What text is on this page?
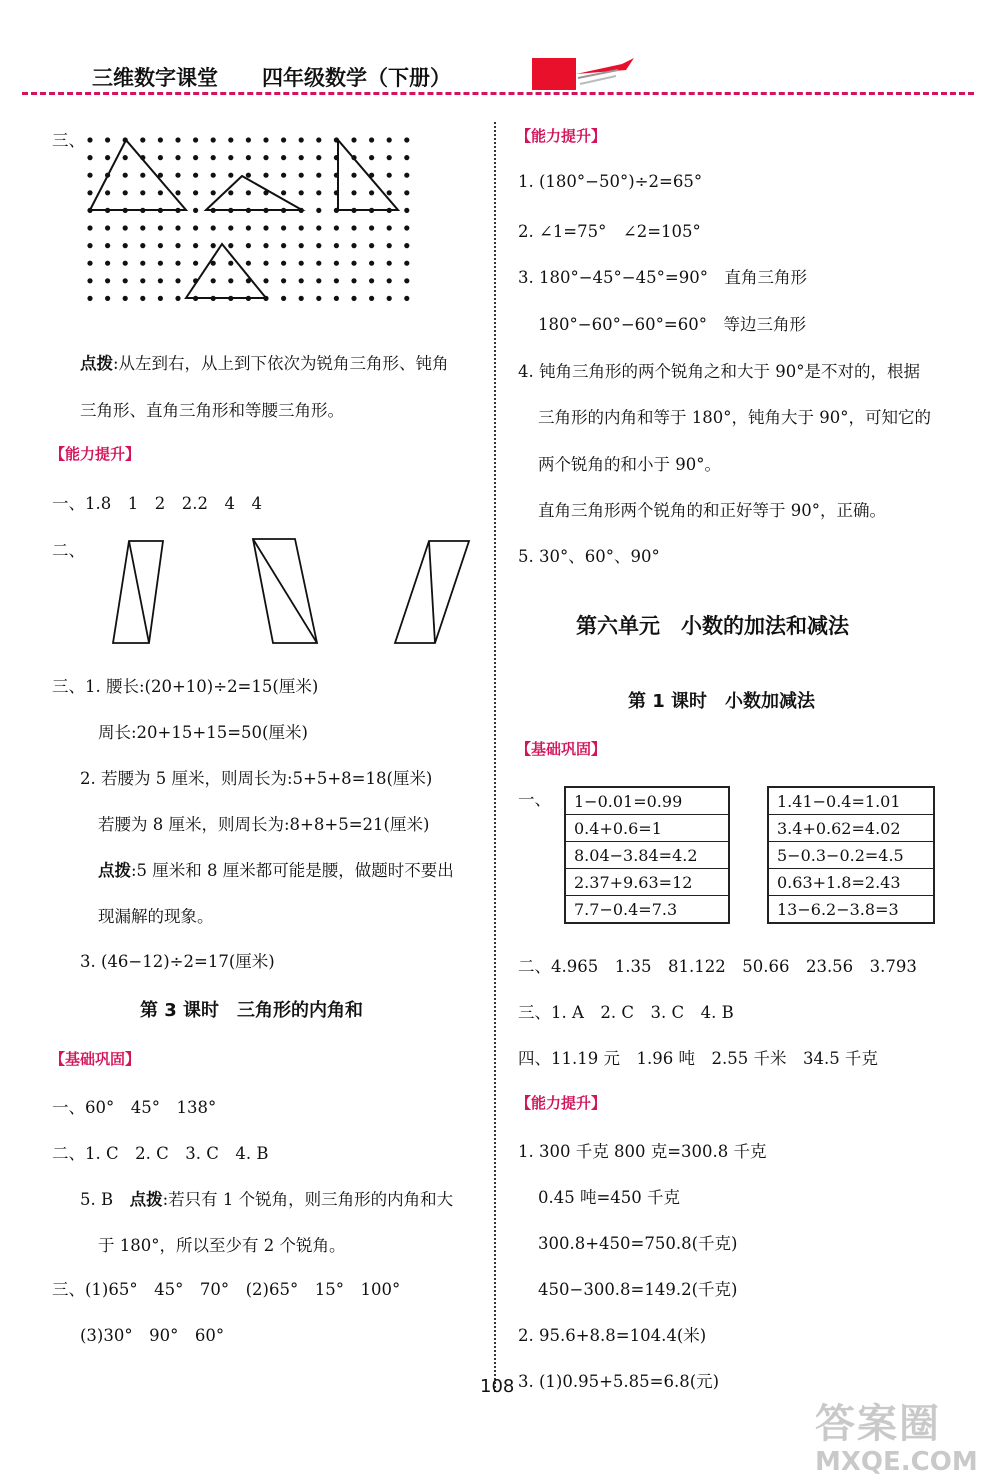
三维数字课堂 四年级数学（下册）
三、
点拨:从左到右，从上到下依次为锐角三角形、钝角
三角形、直角三角形和等腰三角形。
【能力提升】
一、1.8　1　2　2.2　4　4
二、
三、1. 腰长:(20+10)÷2=15(厘米)
周长:20+15+15=50(厘米)
2. 若腰为 5 厘米，则周长为:5+5+8=18(厘米)
若腰为 8 厘米，则周长为:8+8+5=21(厘米)
点拨:5 厘米和 8 厘米都可能是腰，做题时不要出
现漏解的现象。
3. (46−12)÷2=17(厘米)
第 3 课时　三角形的内角和
【基础巩固】
一、60°　45°　138°
二、1. C　2. C　3. C　4. B
5. B　点拨:若只有 1 个锐角，则三角形的内角和大
于 180°，所以至少有 2 个锐角。
三、(1)65°　45°　70°　(2)65°　15°　100°
(3)30°　90°　60°
【能力提升】
1. (180°−50°)÷2=65°
2. ∠1=75°　∠2=105°
3. 180°−45°−45°=90°　直角三角形
180°−60°−60°=60°　等边三角形
4. 钝角三角形的两个锐角之和大于 90°是不对的，根据
三角形的内角和等于 180°，钝角大于 90°，可知它的
两个锐角的和小于 90°。
直角三角形两个锐角的和正好等于 90°，正确。
5. 30°、60°、90°
第六单元　小数的加法和减法
第 1 课时　小数加减法
【基础巩固】
一、 1−0.01=0.99
0.4+0.6=1
8.04−3.84=4.2
2.37+9.63=12
7.7−0.4=7.3
1.41−0.4=1.01
3.4+0.62=4.02
5−0.3−0.2=4.5
0.63+1.8=2.43
13−6.2−3.8=3
二、4.965　1.35　81.122　50.66　23.56　3.793
三、1. A　2. C　3. C　4. B
四、11.19 元　1.96 吨　2.55 千米　34.5 千克
【能力提升】
1. 300 千克 800 克=300.8 千克
0.45 吨=450 千克
300.8+450=750.8(千克)
450−300.8=149.2(千克)
2. 95.6+8.8=104.4(米)
3. (1)0.95+5.85=6.8(元)
108
答案圈
MXQE.COM
